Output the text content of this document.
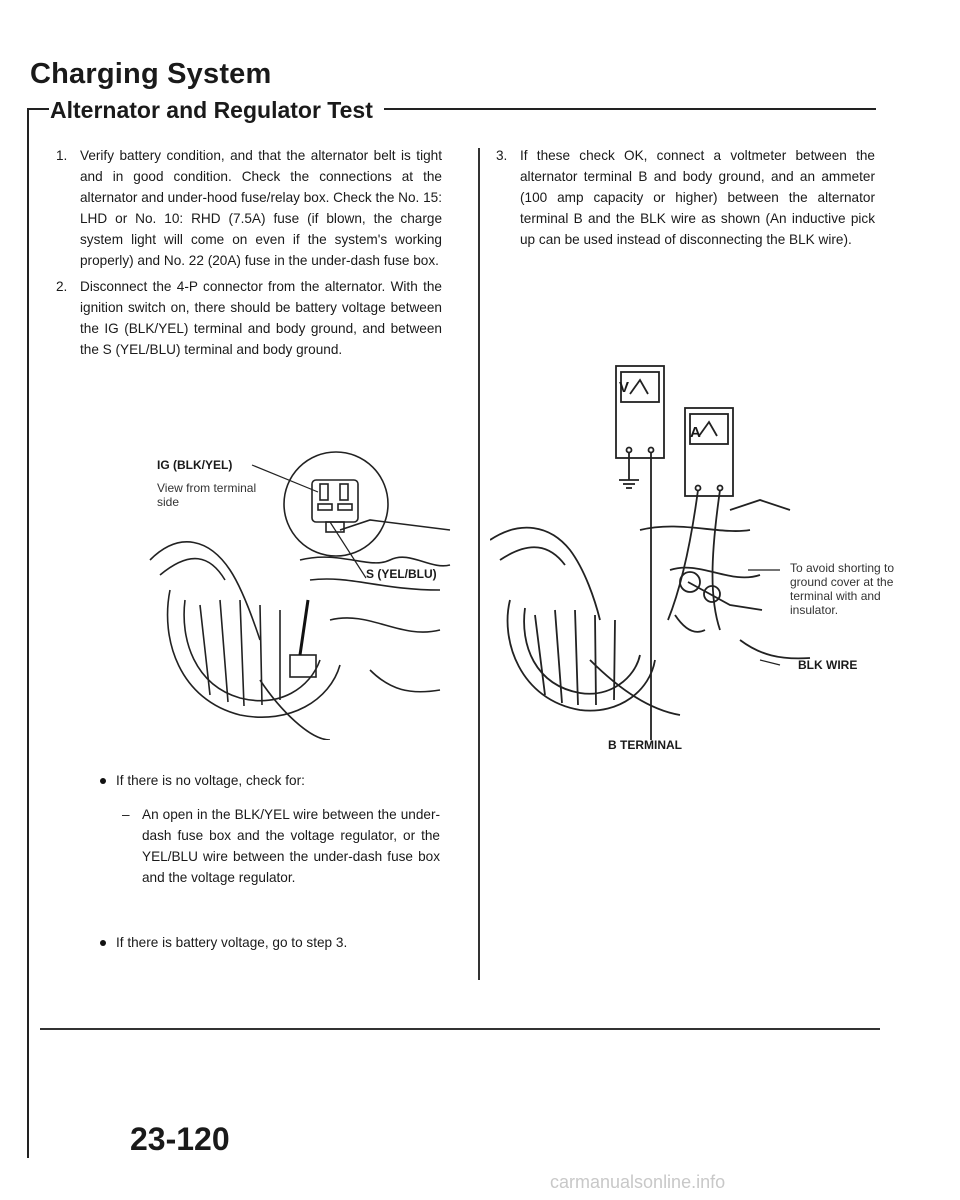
Charging System
Alternator and Regulator Test
1. Verify battery condition, and that the alternator belt is tight and in good condition. Check the connections at the alternator and under-hood fuse/relay box. Check the No. 15: LHD or No. 10: RHD (7.5A) fuse (if blown, the charge system light will come on even if the system's working properly) and No. 22 (20A) fuse in the under-dash fuse box.
2. Disconnect the 4-P connector from the alternator. With the ignition switch on, there should be battery voltage between the IG (BLK/YEL) terminal and body ground, and between the S (YEL/BLU) terminal and body ground.
3. If these check OK, connect a voltmeter between the alternator terminal B and body ground, and an ammeter (100 amp capacity or higher) between the alternator terminal B and the BLK wire as shown (An inductive pick up can be used instead of disconnecting the BLK wire).
IG (BLK/YEL)
View from terminal side
S (YEL/BLU)
V
A
To avoid shorting to ground cover at the terminal with and insulator.
BLK WIRE
B TERMINAL
If there is no voltage, check for:
– An open in the BLK/YEL wire between the under-dash fuse box and the voltage regulator, or the YEL/BLU wire between the under-dash fuse box and the voltage regulator.
If there is battery voltage, go to step 3.
23-120
carmanualsonline.info
